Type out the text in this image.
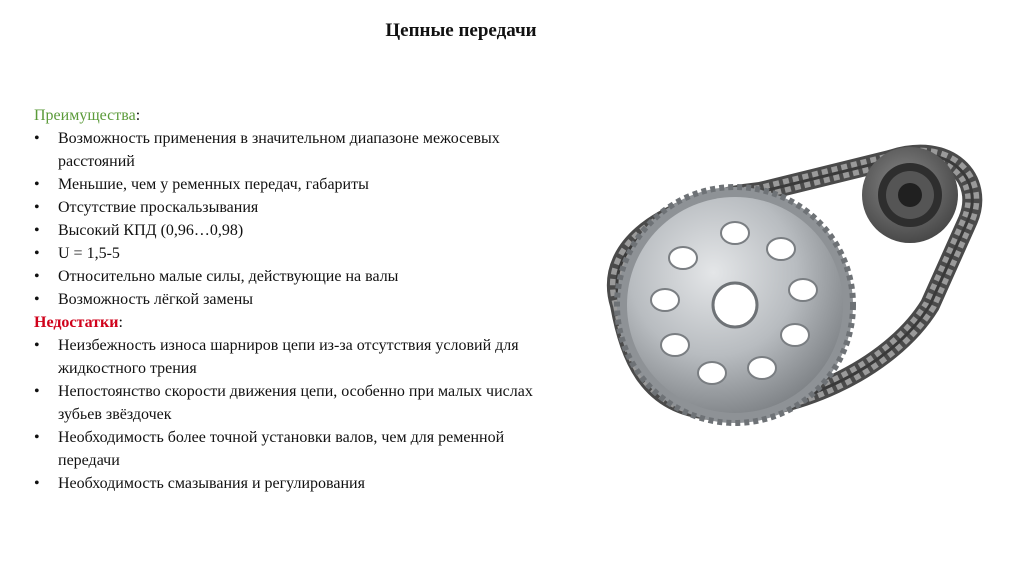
Цепные передачи
Преимущества:
• Возможность применения в значительном диапазоне межосевых расстояний
• Меньшие, чем у ременных передач, габариты
• Отсутствие проскальзывания
• Высокий КПД (0,96…0,98)
• U = 1,5-5
• Относительно малые силы, действующие на валы
• Возможность лёгкой замены
Недостатки:
• Неизбежность износа шарниров цепи из-за отсутствия условий для жидкостного трения
• Непостоянство скорости движения цепи, особенно при малых числах зубьев звёздочек
• Необходимость более точной установки валов, чем для ременной передачи
• Необходимость смазывания и регулирования
